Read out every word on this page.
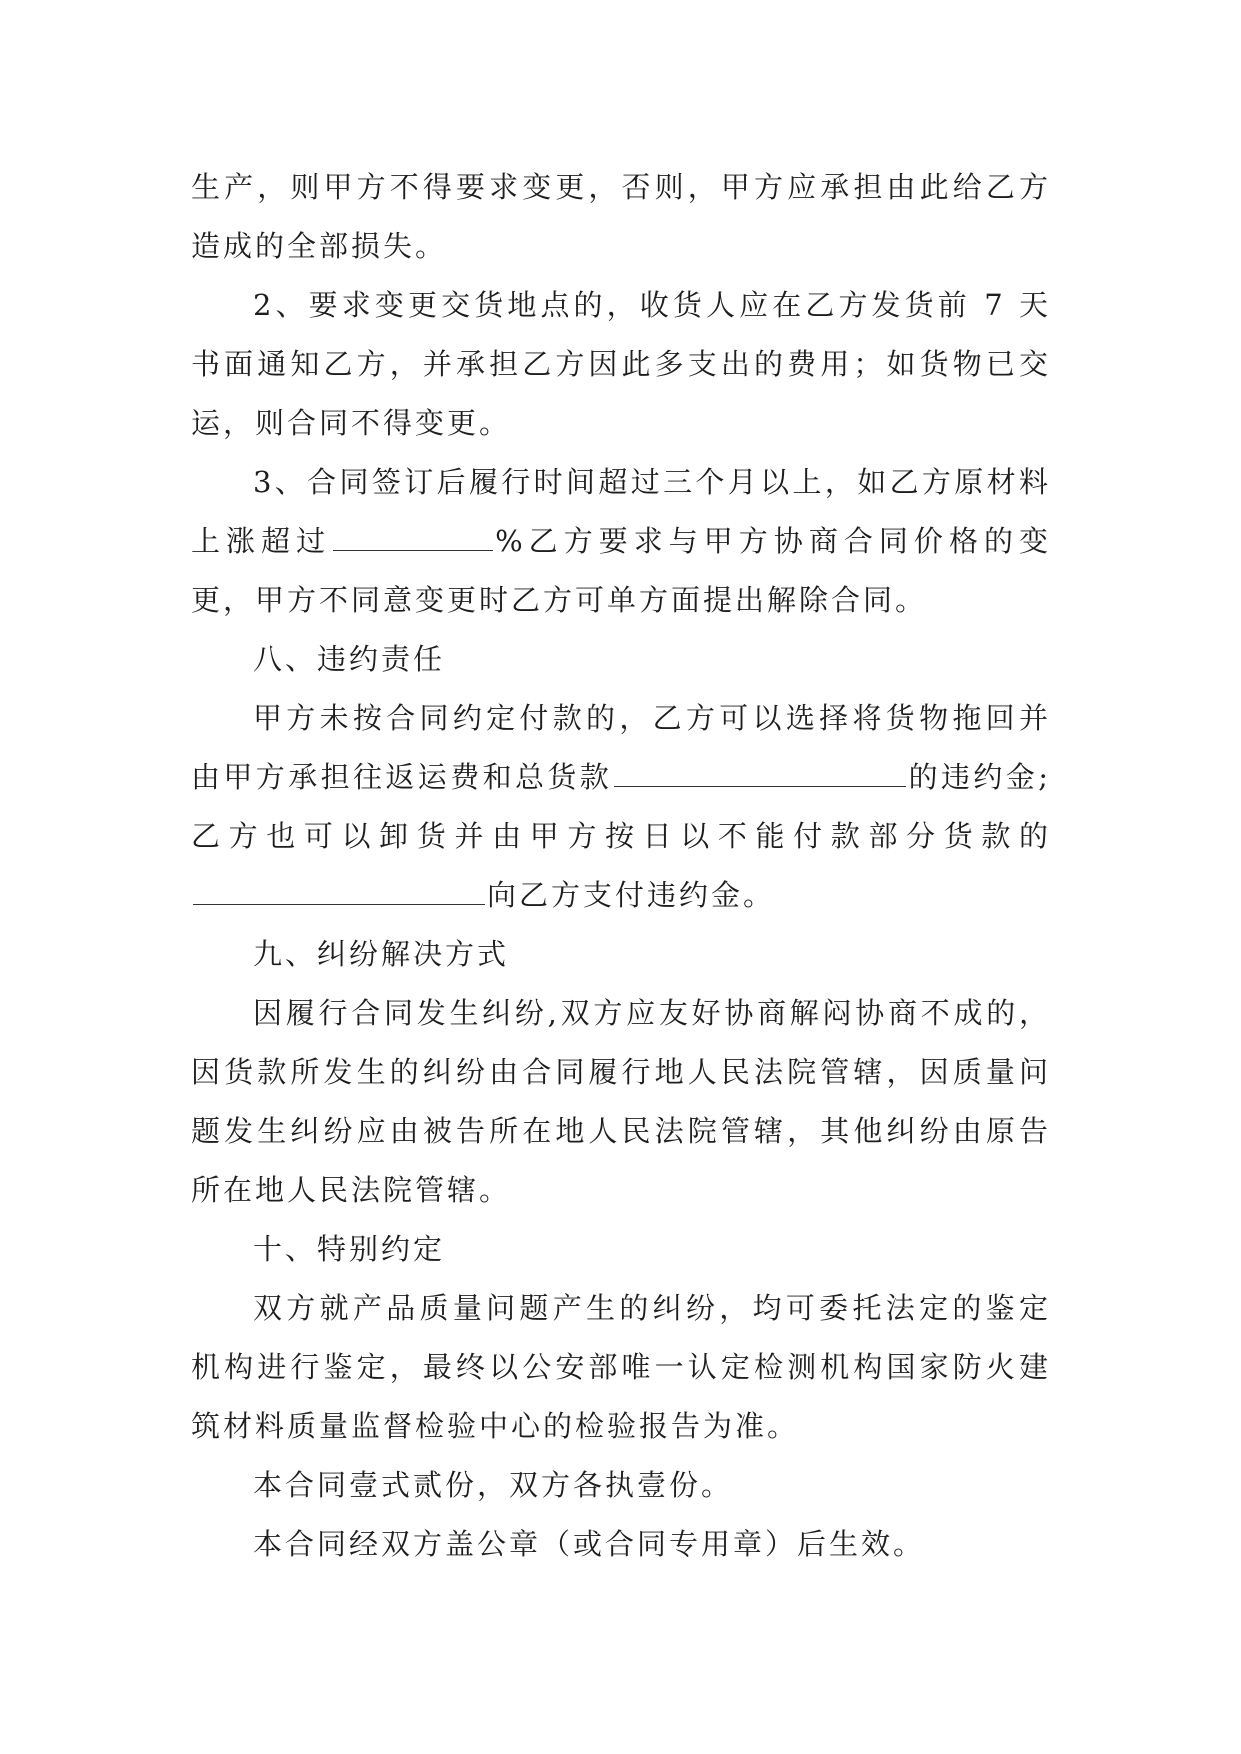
生产，则甲方不得要求变更，否则，甲方应承担由此给乙方造成的全部损失。

2、要求变更交货地点的，收货人应在乙方发货前 7 天书面通知乙方，并承担乙方因此多支出的费用；如货物已交运，则合同不得变更。

3、合同签订后履行时间超过三个月以上，如乙方原材料上涨超过	%乙方要求与甲方协商合同价格的变更，甲方不同意变更时乙方可单方面提出解除合同。

八、违约责任

甲方未按合同约定付款的，乙方可以选择将货物拖回并由甲方承担往返运费和总货款	的违约金;乙方也可以卸货并由甲方按日以不能付款部分货款的向乙方支付违约金。

九、纠纷解决方式

因履行合同发生纠纷,双方应友好协商解闷协商不成的，因货款所发生的纠纷由合同履行地人民法院管辖，因质量问题发生纠纷应由被告所在地人民法院管辖，其他纠纷由原告所在地人民法院管辖。

十、特别约定

双方就产品质量问题产生的纠纷，均可委托法定的鉴定机构进行鉴定，最终以公安部唯一认定检测机构国家防火建筑材料质量监督检验中心的检验报告为准。

本合同壹式贰份，双方各执壹份。

本合同经双方盖公章（或合同专用章）后生效。
